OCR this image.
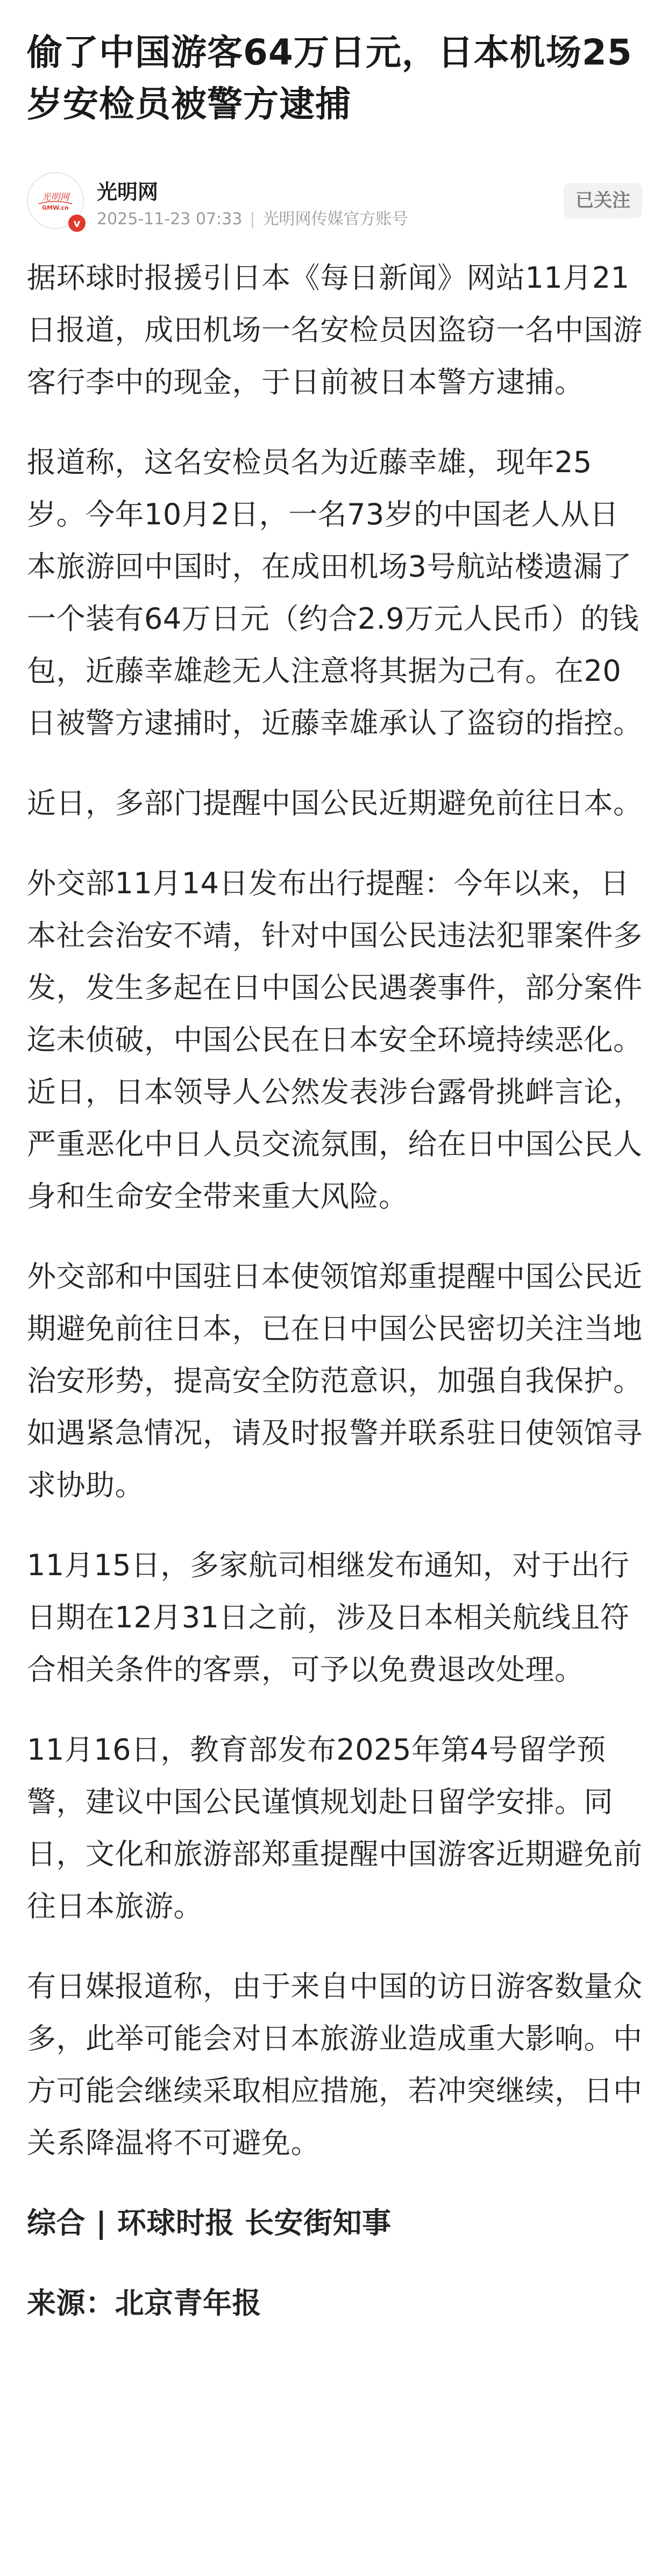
偷了中国游客64万日元，日本机场25岁安检员被警方逮捕
光明网
GMW.cn
v
光明网
2025-11-23 07:33 | 光明网传媒官方账号
已关注

据环球时报援引日本《每日新闻》网站11月21日报道，成田机场一名安检员因盗窃一名中国游客行李中的现金，于日前被日本警方逮捕。

报道称，这名安检员名为近藤幸雄，现年25岁。今年10月2日，一名73岁的中国老人从日本旅游回中国时，在成田机场3号航站楼遗漏了一个装有64万日元（约合2.9万元人民币）的钱包，近藤幸雄趁无人注意将其据为己有。在20日被警方逮捕时，近藤幸雄承认了盗窃的指控。

近日，多部门提醒中国公民近期避免前往日本。

外交部11月14日发布出行提醒：今年以来，日本社会治安不靖，针对中国公民违法犯罪案件多发，发生多起在日中国公民遇袭事件，部分案件迄未侦破，中国公民在日本安全环境持续恶化。近日，日本领导人公然发表涉台露骨挑衅言论，严重恶化中日人员交流氛围，给在日中国公民人身和生命安全带来重大风险。

外交部和中国驻日本使领馆郑重提醒中国公民近期避免前往日本，已在日中国公民密切关注当地治安形势，提高安全防范意识，加强自我保护。如遇紧急情况，请及时报警并联系驻日使领馆寻求协助。

11月15日，多家航司相继发布通知，对于出行日期在12月31日之前，涉及日本相关航线且符合相关条件的客票，可予以免费退改处理。

11月16日，教育部发布2025年第4号留学预警，建议中国公民谨慎规划赴日留学安排。同日，文化和旅游部郑重提醒中国游客近期避免前往日本旅游。

有日媒报道称，由于来自中国的访日游客数量众多，此举可能会对日本旅游业造成重大影响。中方可能会继续采取相应措施，若冲突继续，日中关系降温将不可避免。

综合 | 环球时报 长安街知事

来源：北京青年报
